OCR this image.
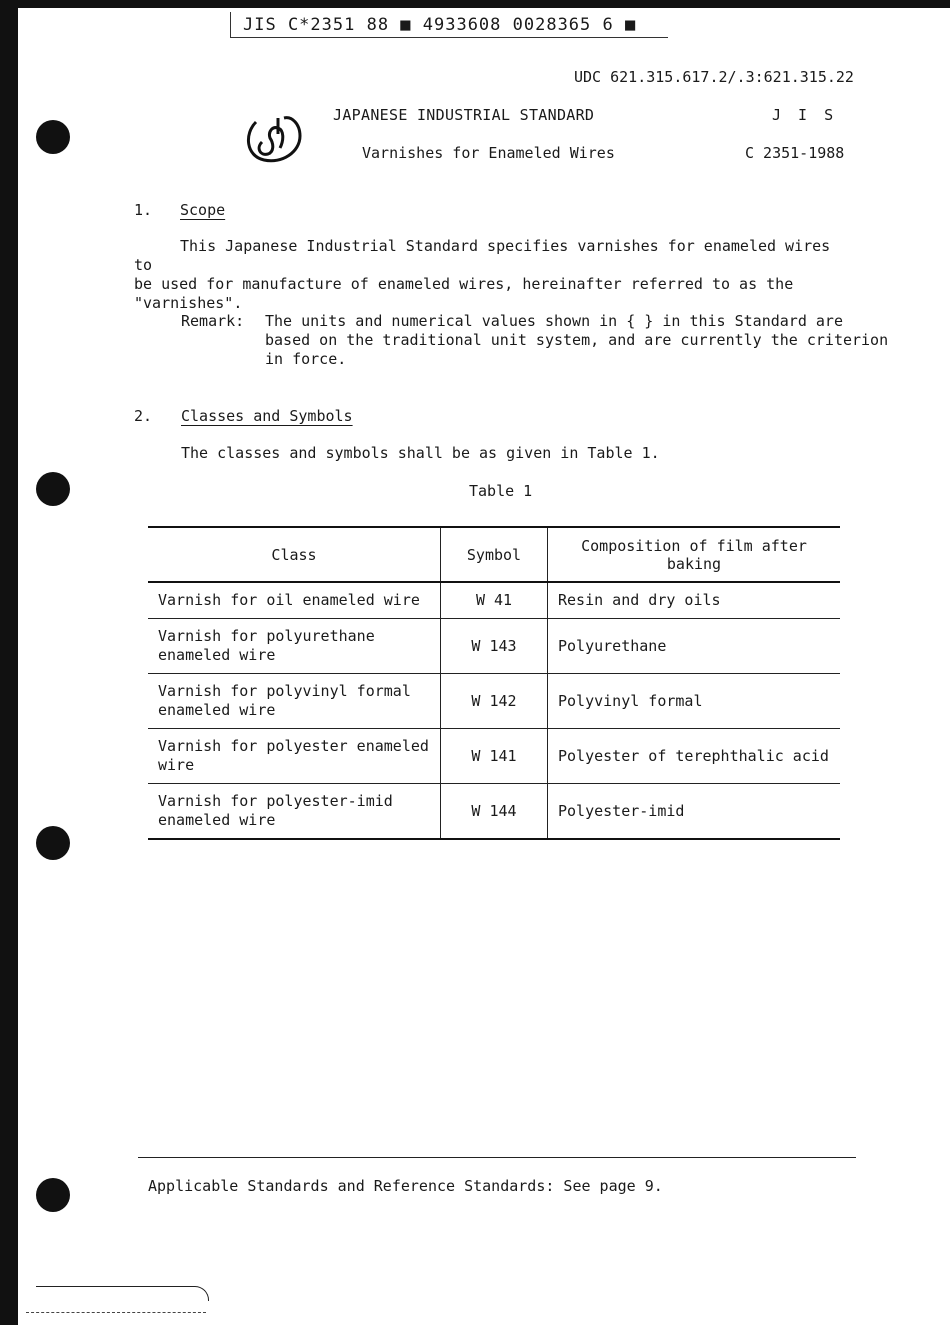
JIS C*2351 88 ■ 4933608 0028365 6 ■
UDC 621.315.617.2/.3:621.315.22
JAPANESE INDUSTRIAL STANDARD	J I S
Varnishes for Enameled Wires	C 2351-1988
1. Scope

This Japanese Industrial Standard specifies varnishes for enameled wires to

be used for manufacture of enameled wires, hereinafter referred to as the

"varnishes".

Remark: The units and numerical values shown in { } in this Standard are
based on the traditional unit system, and are currently the criterion
in force.
2. Classes and Symbols
The classes and symbols shall be as given in Table 1.
Table 1
Class	Symbol	Composition of film after baking
Varnish for oil enameled wire	W 41	Resin and dry oils
Varnish for polyurethane enameled wire	W 143	Polyurethane
Varnish for polyvinyl formal enameled wire	W 142	Polyvinyl formal
Varnish for polyester enameled wire	W 141	Polyester of terephthalic acid
Varnish for polyester-imid enameled wire	W 144	Polyester-imid
Applicable Standards and Reference Standards: See page 9.
